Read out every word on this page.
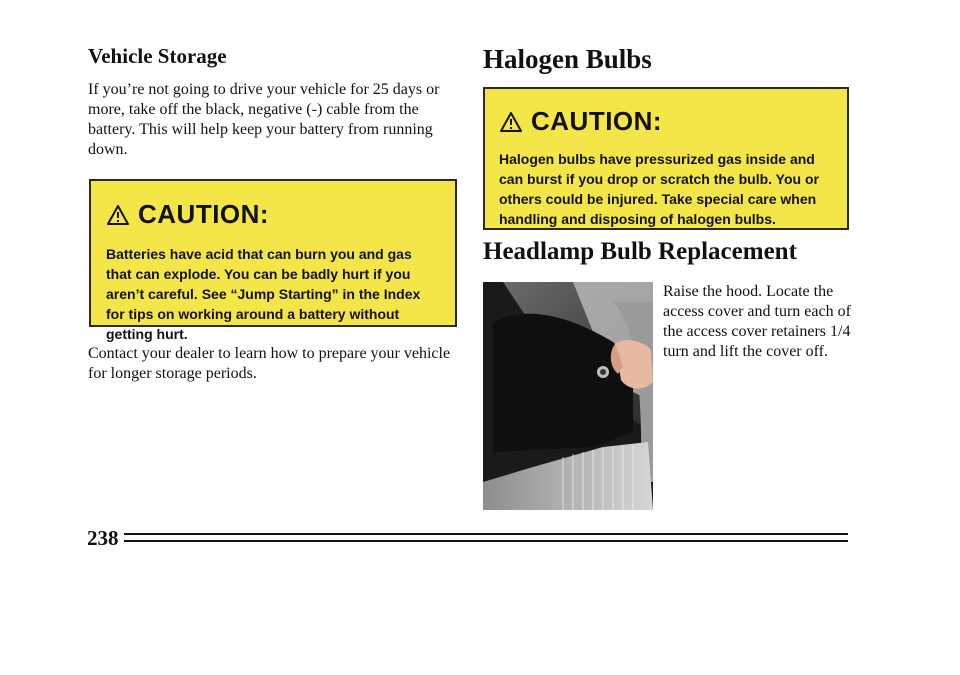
Vehicle Storage

If you’re not going to drive your vehicle for 25 days or more, take off the black, negative (-) cable from the battery. This will help keep your battery from running down.

CAUTION:
Batteries have acid that can burn you and gas that can explode. You can be badly hurt if you aren’t careful. See “Jump Starting” in the Index for tips on working around a battery without getting hurt.

Contact your dealer to learn how to prepare your vehicle for longer storage periods.

Halogen Bulbs
CAUTION:
Halogen bulbs have pressurized gas inside and can burst if you drop or scratch the bulb. You or others could be injured. Take special care when handling and disposing of halogen bulbs.
Headlamp Bulb Replacement

Raise the hood. Locate the access cover and turn each of the access cover retainers 1/4 turn and lift the cover off.

238
